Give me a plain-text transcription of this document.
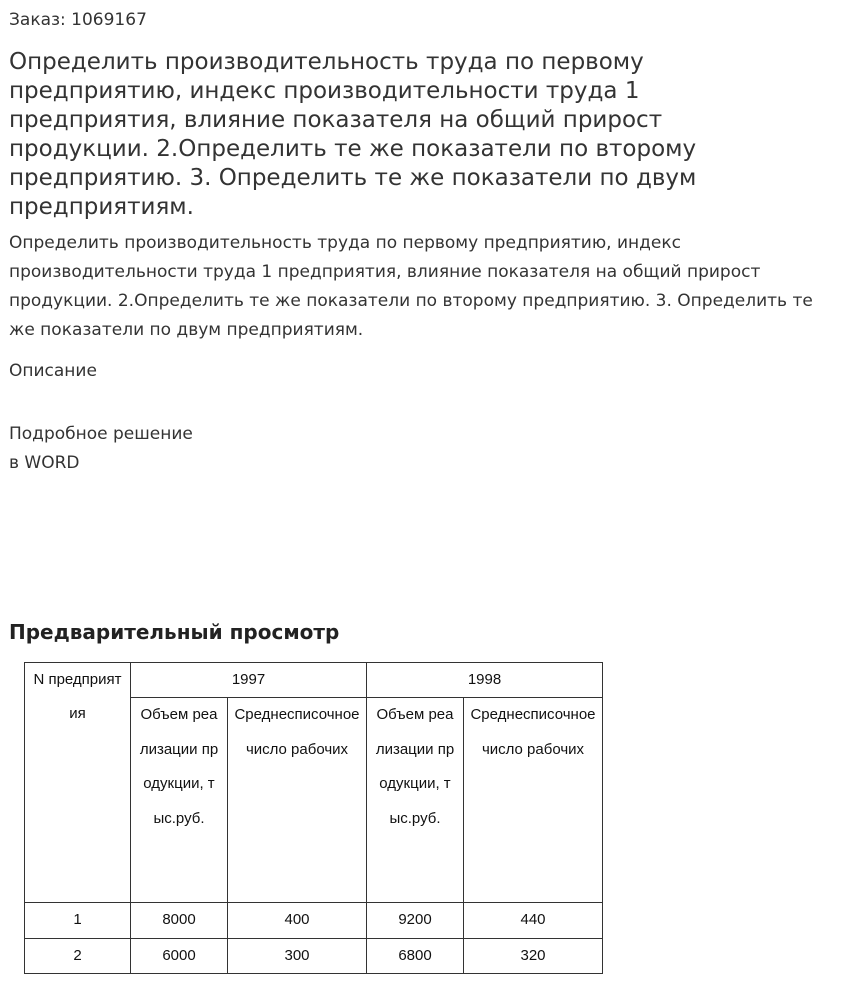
Заказ: 1069167
Определить производительность труда по первому предприятию, индекс производительности труда 1 предприятия, влияние показателя на общий прирост продукции. 2.Определить те же показатели по второму предприятию. 3. Определить те же показатели по двум предприятиям.
Определить производительность труда по первому предприятию, индекс производительности труда 1 предприятия, влияние показателя на общий прирост продукции. 2.Определить те же показатели по второму предприятию. 3. Определить те же показатели по двум предприятиям.
Описание
Подробное решение
в WORD
Предварительный просмотр
N предприятия	1997		1998	
	Объем реализации продукции, тыс.руб.	Среднесписочное число рабочих	Объем реализации продукции, тыс.руб.	Среднесписочное число рабочих
1	8000	400	9200	440
2	6000	300	6800	320
